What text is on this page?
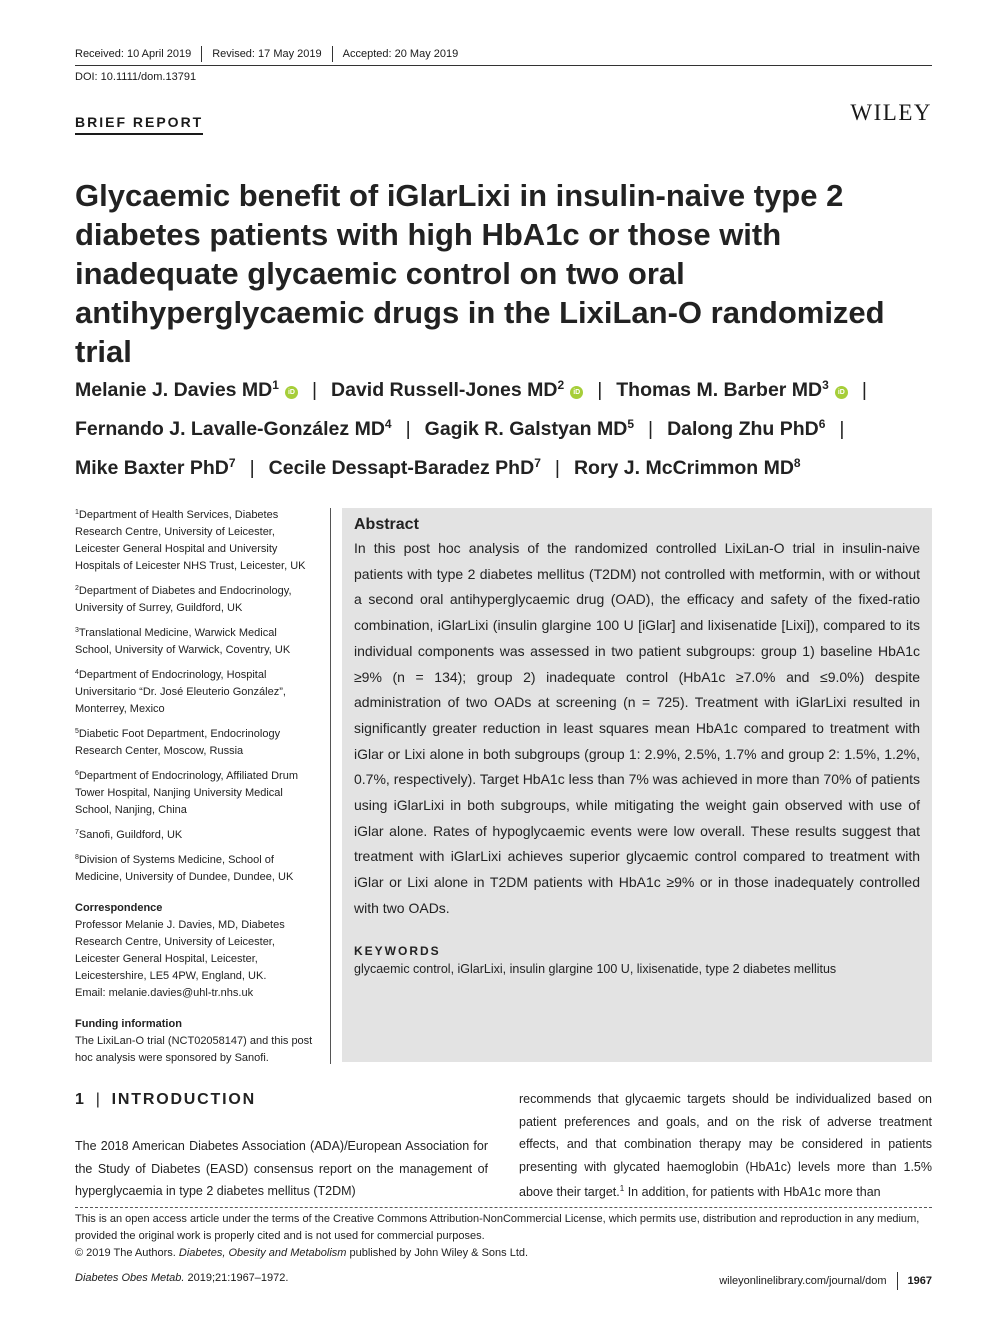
Received: 10 April 2019	Revised: 17 May 2019	Accepted: 20 May 2019
DOI: 10.1111/dom.13791
BRIEF REPORT	WILEY
Glycaemic benefit of iGlarLixi in insulin-naive type 2 diabetes patients with high HbA1c or those with inadequate glycaemic control on two oral antihyperglycaemic drugs in the LixiLan-O randomized trial
Melanie J. Davies $MD^1iD$ | David Russell-Jones $MD^2iD$ | Thomas M. Barber $MD^3iD$ |
Fernando J. Lavalle-González $MD^4$ | Gagik R. Galstyan $MD^5$ | Dalong Zhu PhD$^6$ |
Mike Baxter PhD$^7$ | Cecile Dessapt-Baradez PhD$^7$ | Rory J. McCrimmon $MD^8$
$^1$Department of Health Services, Diabetes Research Centre, University of Leicester, Leicester General Hospital and University Hospitals of Leicester NHS Trust, Leicester, UK
$^2$Department of Diabetes and Endocrinology, University of Surrey, Guildford, UK
$^3$Translational Medicine, Warwick Medical School, University of Warwick, Coventry, UK
$^4$Department of Endocrinology, Hospital Universitario “Dr. José Eleuterio González”, Monterrey, Mexico
$^5$Diabetic Foot Department, Endocrinology Research Center, Moscow, Russia
$^6$Department of Endocrinology, Affiliated Drum Tower Hospital, Nanjing University Medical School, Nanjing, China
$^7$Sanofi, Guildford, UK
$^8$Division of Systems Medicine, School of Medicine, University of Dundee, Dundee, UK
Correspondence
Professor Melanie J. Davies, MD, Diabetes Research Centre, University of Leicester, Leicester General Hospital, Leicester, Leicestershire, LE5 4PW, England, UK.
Email: melanie.davies@uhl-tr.nhs.uk
Funding information
The LixiLan-O trial (NCT02058147) and this post hoc analysis were sponsored by Sanofi.
Abstract

In this post hoc analysis of the randomized controlled LixiLan-O trial in insulin-naive patients with type 2 diabetes mellitus (T2DM) not controlled with metformin, with or without a second oral antihyperglycaemic drug (OAD), the efficacy and safety of the fixed-ratio combination, iGlarLixi (insulin glargine 100 U [iGlar] and lixisenatide [Lixi]), compared to its individual components was assessed in two patient subgroups: group 1) baseline HbA1c ≥9% (n = 134); group 2) inadequate control (HbA1c ≥7.0% and ≤9.0%) despite administration of two OADs at screening (n = 725). Treatment with iGlarLixi resulted in significantly greater reduction in least squares mean HbA1c compared to treatment with iGlar or Lixi alone in both subgroups (group 1: 2.9%, 2.5%, 1.7% and group 2: 1.5%, 1.2%, 0.7%, respectively). Target HbA1c less than 7% was achieved in more than 70% of patients using iGlarLixi in both subgroups, while mitigating the weight gain observed with use of iGlar alone. Rates of hypoglycaemic events were low overall. These results suggest that treatment with iGlarLixi achieves superior glycaemic control compared to treatment with iGlar or Lixi alone in T2DM patients with HbA1c ≥9% or in those inadequately controlled with two OADs.

KEYWORDS
glycaemic control, iGlarLixi, insulin glargine 100 U, lixisenatide, type 2 diabetes mellitus
1 | INTRODUCTION

The 2018 American Diabetes Association (ADA)/European Association for the Study of Diabetes (EASD) consensus report on the management of hyperglycaemia in type 2 diabetes mellitus (T2DM)

recommends that glycaemic targets should be individualized based on patient preferences and goals, and on the risk of adverse treatment effects, and that combination therapy may be considered in patients presenting with glycated haemoglobin (HbA1c) levels more than 1.5% above their target.$^1$ In addition, for patients with HbA1c more than

This is an open access article under the terms of the Creative Commons Attribution-NonCommercial License, which permits use, distribution and reproduction in any medium, provided the original work is properly cited and is not used for commercial purposes.
© 2019 The Authors. Diabetes, Obesity and Metabolism published by John Wiley & Sons Ltd.
Diabetes Obes Metab. 2019;21:1967–1972.	wileyonlinelibrary.com/journal/dom 1967
